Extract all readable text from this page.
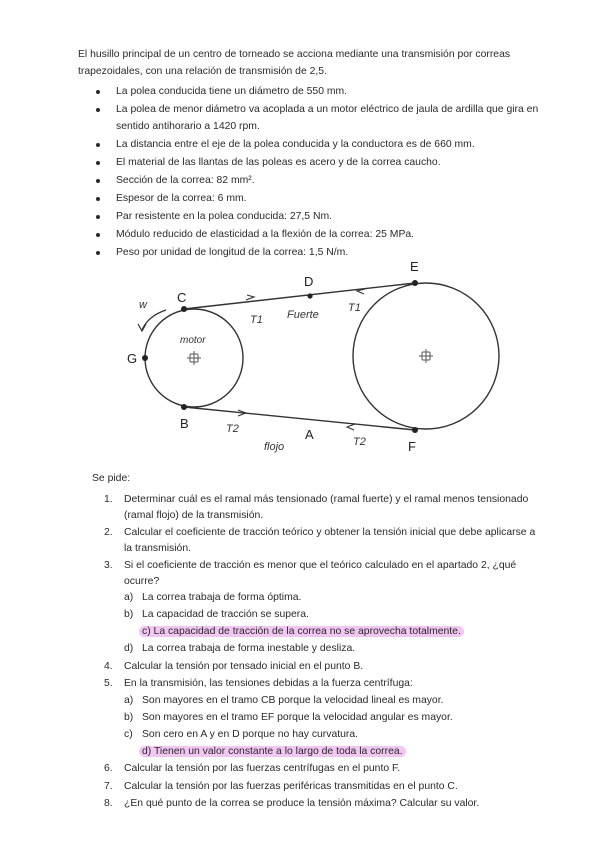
El husillo principal de un centro de torneado se acciona mediante una transmisión por correas trapezoidales, con una relación de transmisión de 2,5.

La polea conducida tiene un diámetro de 550 mm.
La polea de menor diámetro va acoplada a un motor eléctrico de jaula de ardilla que gira en sentido antihorario a 1420 rpm.
La distancia entre el eje de la polea conducida y la conductora es de 660 mm.
El material de las llantas de las poleas es acero y de la correa caucho.
Sección de la correa: 82 mm².
Espesor de la correa: 6 mm.
Par resistente en la polea conducida: 27,5 Nm.
Módulo reducido de elasticidad a la flexión de la correa: 25 MPa.
Peso por unidad de longitud de la correa: 1,5 N/m.
C
D
E
G
B
A
F
w
motor
T1
T1
Fuerte
T2
T2
flojo

Se pide:

1. Determinar cuál es el ramal más tensionado (ramal fuerte) y el ramal menos tensionado (ramal flojo) de la transmisión.
2. Calcular el coeficiente de tracción teórico y obtener la tensión inicial que debe aplicarse a la transmisión.
3. Si el coeficiente de tracción es menor que el teórico calculado en el apartado 2, ¿qué ocurre?
a) La correa trabaja de forma óptima.
b) La capacidad de tracción se supera.
c) La capacidad de tracción de la correa no se aprovecha totalmente.
d) La correa trabaja de forma inestable y desliza.
4. Calcular la tensión por tensado inicial en el punto B.
5. En la transmisión, las tensiones debidas a la fuerza centrífuga:
a) Son mayores en el tramo CB porque la velocidad lineal es mayor.
b) Son mayores en el tramo EF porque la velocidad angular es mayor.
c) Son cero en A y en D porque no hay curvatura.
d) Tienen un valor constante a lo largo de toda la correa.
6. Calcular la tensión por las fuerzas centrífugas en el punto F.
7. Calcular la tensión por las fuerzas periféricas transmitidas en el punto C.
8. ¿En qué punto de la correa se produce la tensión máxima? Calcular su valor.
